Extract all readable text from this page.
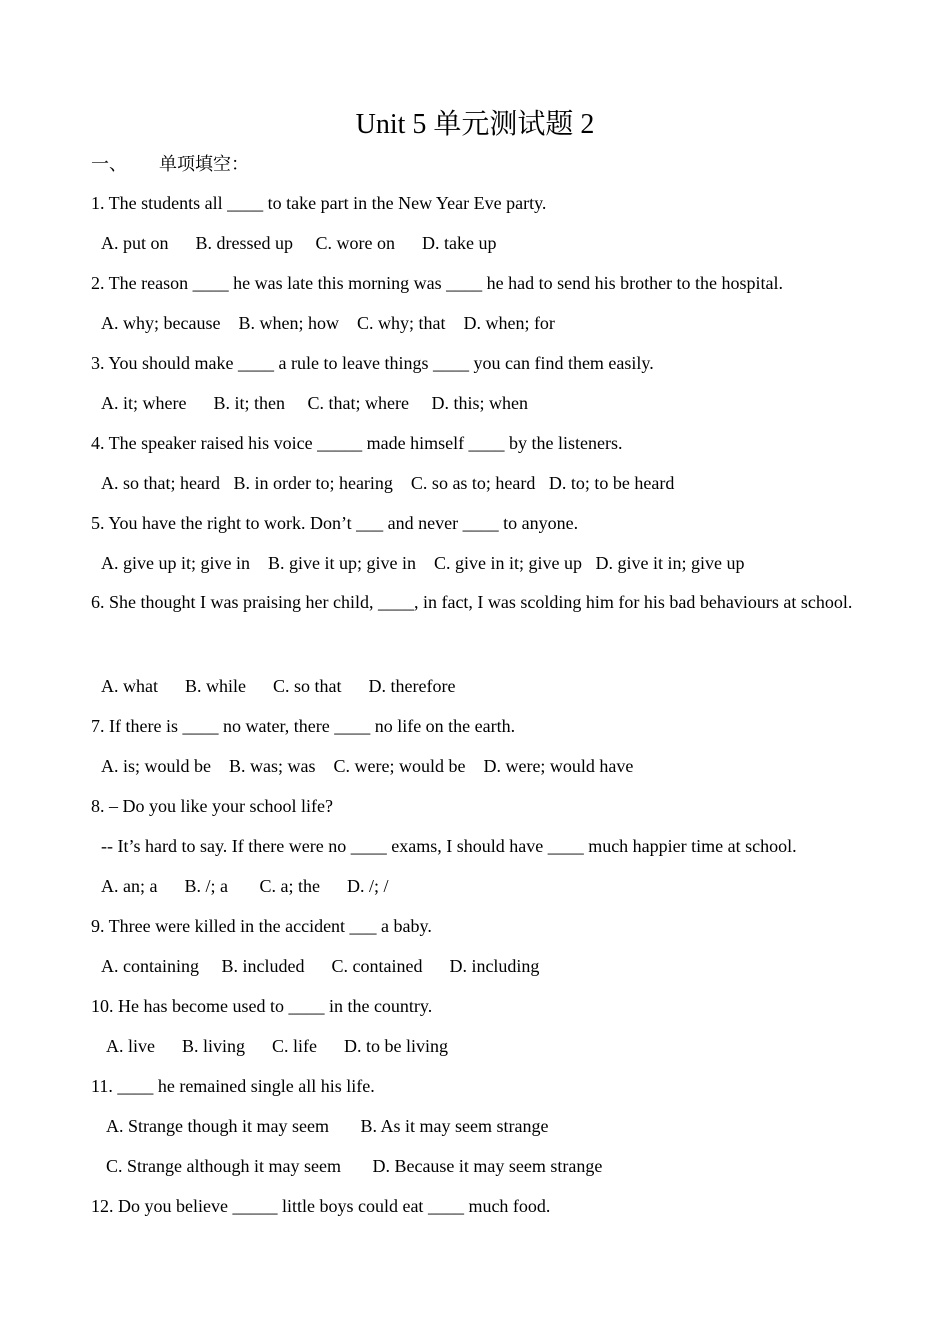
Unit 5 单元测试题 2
一、 单项填空：
1. The students all ____ to take part in the New Year Eve party.
A. put on      B. dressed up     C. wore on      D. take up
2. The reason ____ he was late this morning was ____ he had to send his brother to the hospital.
A. why; because    B. when; how    C. why; that    D. when; for
3. You should make ____ a rule to leave things ____ you can find them easily.
A. it; where      B. it; then     C. that; where     D. this; when
4. The speaker raised his voice _____ made himself ____ by the listeners.
A. so that; heard   B. in order to; hearing    C. so as to; heard   D. to; to be heard
5. You have the right to work. Don’t ___ and never ____ to anyone.
A. give up it; give in    B. give it up; give in    C. give in it; give up   D. give it in; give up
6. She thought I was praising her child, ____, in fact, I was scolding him for his bad behaviours at school.
A. what      B. while      C. so that      D. therefore
7. If there is ____ no water, there ____ no life on the earth.
A. is; would be    B. was; was    C. were; would be    D. were; would have
8. – Do you like your school life?
-- It’s hard to say. If there were no ____ exams, I should have ____ much happier time at school.
A. an; a      B. /; a       C. a; the      D. /; /
9. Three were killed in the accident ___ a baby.
A. containing     B. included      C. contained      D. including
10. He has become used to ____ in the country.
A. live      B. living      C. life      D. to be living
11. ____ he remained single all his life.
A. Strange though it may seem       B. As it may seem strange
C. Strange although it may seem       D. Because it may seem strange
12. Do you believe _____ little boys could eat ____ much food.
